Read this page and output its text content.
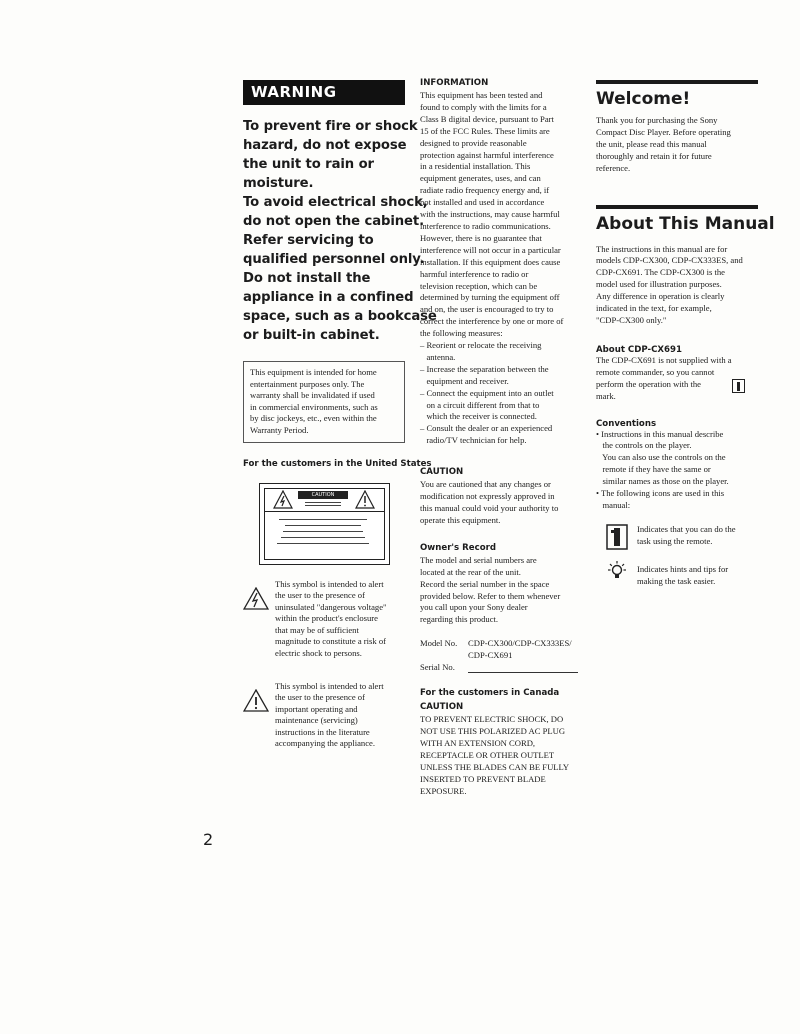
WARNING
To prevent fire or shock
hazard, do not expose
the unit to rain or
moisture.
To avoid electrical shock,
do not open the cabinet.
Refer servicing to
qualified personnel only.
Do not install the
appliance in a confined
space, such as a bookcase
or built-in cabinet.
This equipment is intended for home
entertainment purposes only. The
warranty shall be invalidated if used
in commercial environments, such as
by disc jockeys, etc., even within the
Warranty Period.
For the customers in the United States
CAUTION
This symbol is intended to alert
the user to the presence of
uninsulated "dangerous voltage"
within the product's enclosure
that may be of sufficient
magnitude to constitute a risk of
electric shock to persons.
This symbol is intended to alert
the user to the presence of
important operating and
maintenance (servicing)
instructions in the literature
accompanying the appliance.
INFORMATION
This equipment has been tested and
found to comply with the limits for a
Class B digital device, pursuant to Part
15 of the FCC Rules. These limits are
designed to provide reasonable
protection against harmful interference
in a residential installation. This
equipment generates, uses, and can
radiate radio frequency energy and, if
not installed and used in accordance
with the instructions, may cause harmful
interference to radio communications.
However, there is no guarantee that
interference will not occur in a particular
installation. If this equipment does cause
harmful interference to radio or
television reception, which can be
determined by turning the equipment off
and on, the user is encouraged to try to
correct the interference by one or more of
the following measures:
– Reorient or relocate the receiving
antenna.
– Increase the separation between the
equipment and receiver.
– Connect the equipment into an outlet
on a circuit different from that to
which the receiver is connected.
– Consult the dealer or an experienced
radio/TV technician for help.
CAUTION
You are cautioned that any changes or
modification not expressly approved in
this manual could void your authority to
operate this equipment.
Owner's Record
The model and serial numbers are
located at the rear of the unit.
Record the serial number in the space
provided below. Refer to them whenever
you call upon your Sony dealer
regarding this product.
Model No. CDP-CX300/CDP-CX333ES/
CDP-CX691
Serial No.
For the customers in Canada
CAUTION
TO PREVENT ELECTRIC SHOCK, DO
NOT USE THIS POLARIZED AC PLUG
WITH AN EXTENSION CORD,
RECEPTACLE OR OTHER OUTLET
UNLESS THE BLADES CAN BE FULLY
INSERTED TO PREVENT BLADE
EXPOSURE.
Welcome!
Thank you for purchasing the Sony
Compact Disc Player. Before operating
the unit, please read this manual
thoroughly and retain it for future
reference.
About This Manual
The instructions in this manual are for
models CDP-CX300, CDP-CX333ES, and
CDP-CX691. The CDP-CX300 is the
model used for illustration purposes.
Any difference in operation is clearly
indicated in the text, for example,
"CDP-CX300 only."
About CDP-CX691
The CDP-CX691 is not supplied with a
remote commander, so you cannot
perform the operation with the
mark.
Conventions
• Instructions in this manual describe
the controls on the player.
You can also use the controls on the
remote if they have the same or
similar names as those on the player.
• The following icons are used in this
manual:
Indicates that you can do the
task using the remote.
Indicates hints and tips for
making the task easier.
2
